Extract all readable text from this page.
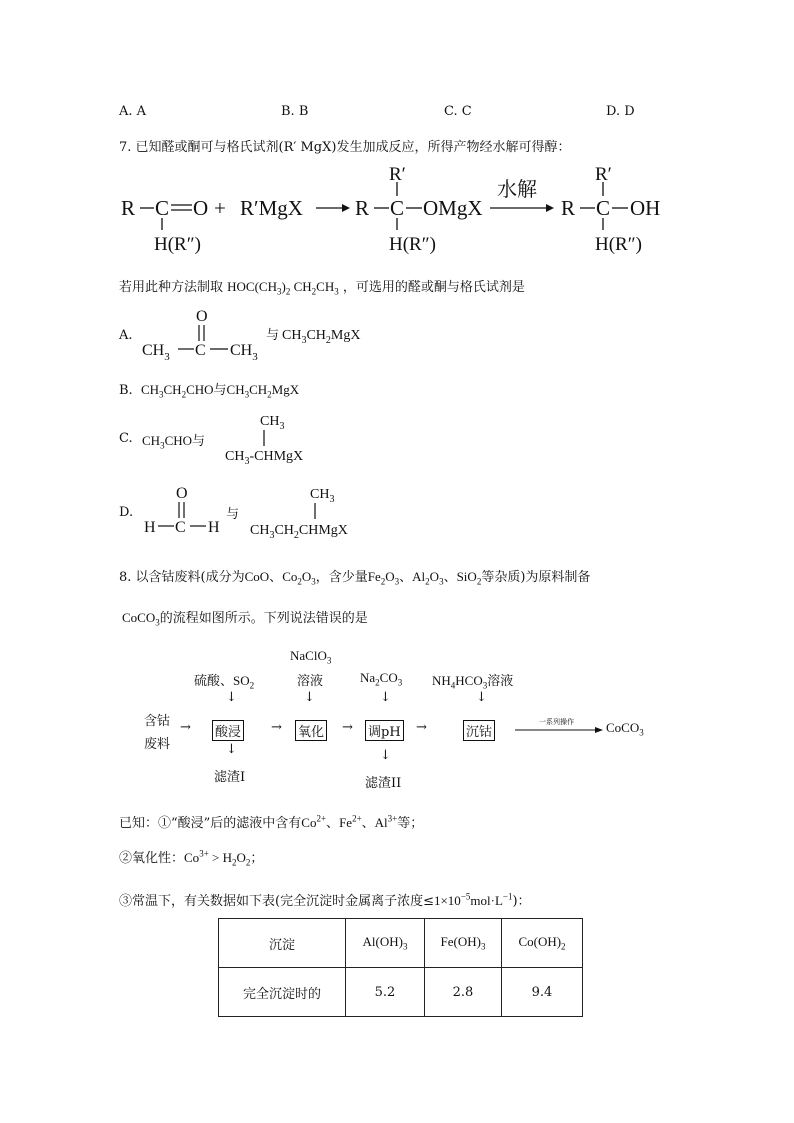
A. A	B. B	C. C	D. D
7. 已知醛或酮可与格氏试剂(R′ MgX)发生加成反应，所得产物经水解可得醇：
R C O
H(R″)
+ R′MgX R C
R′
OMgX
H(R″)
水解
R C
R′
OH
H(R″)
若用此种方法制取 $HOC(CH_3)_2$ $CH_2CH_3$ ，可选用的醛或酮与格氏试剂是
A.
O
$CH_3$ C $CH_3$
与 $CH_3CH_2MgX$
B. $CH_3CH_2CHO$与$CH_3CH_2MgX$
C. $CH_3CHO$与
$CH_3$
$CH_3$-CHMgX
D.
O
H C H
与
$CH_3$
$CH_3CH_2CHMgX$
8. 以含钴废料(成分为CoO、$Co_2O_3$，含少量$Fe_2O_3$、$Al_2O_3$、SiO$_2$等杂质)为原料制备
CoCO$_3$的流程如图所示。下列说法错误的是
硫酸、$SO_2$
NaClO$_3$
溶液	$Na_2CO_3$ $NH_4HCO_3$溶液
↓	↓	↓	↓
含钴
废料
→ 酸浸 → 氧化 → 调pH →	沉钴
一系列操作 CoCO$_3$
↓
滤渣I
↓
滤渣II
已知：①“酸浸”后的滤液中含有$Co^{2+}$、$Fe^{2+}$、$Al^{3+}$等；
②氧化性：$Co^{3+} > H_2O_2$；
③常温下，有关数据如下表(完全沉淀时金属离子浓度$\le 1\times 10^{-5}mol\cdot L^{-1}$)：
沉淀	$Al(OH)_3$	$Fe(OH)_3$	$Co(OH)_2$
完全沉淀时的	5.2	2.8	9.4
